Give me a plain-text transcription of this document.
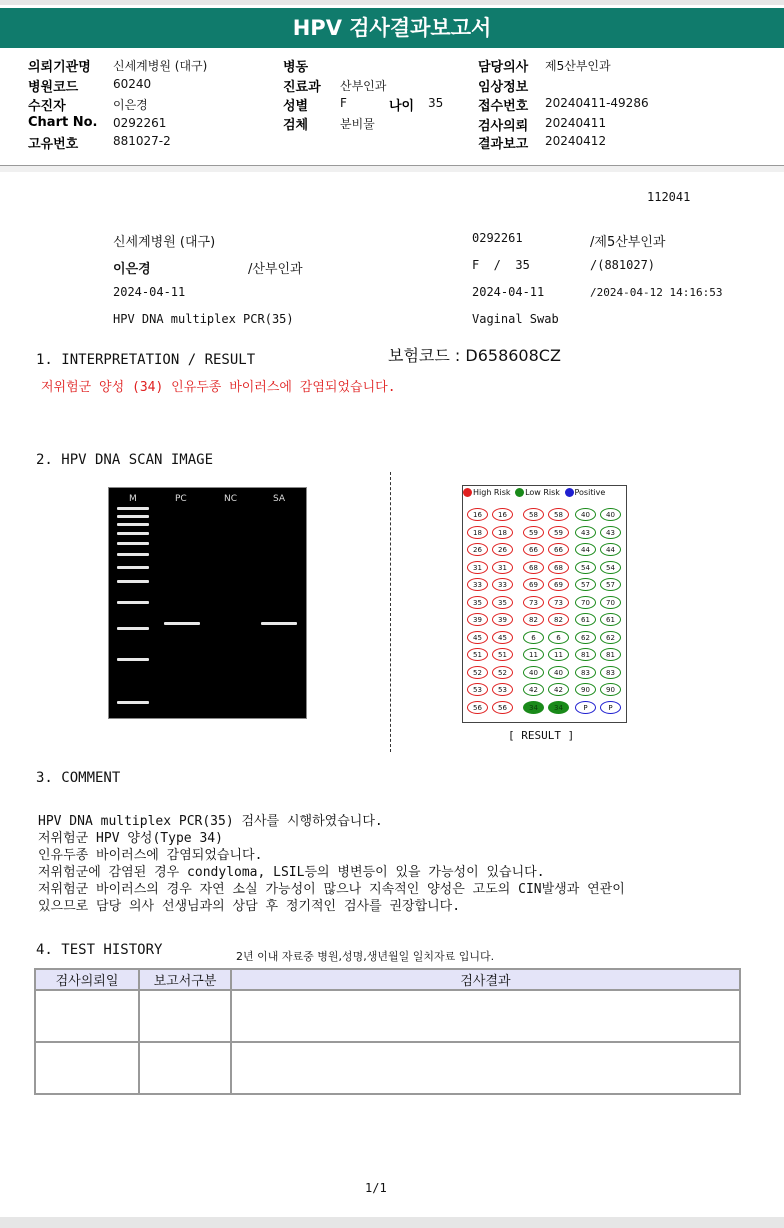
HPV 검사결과보고서
의뢰기관명 신세계병원 (대구)
병원코드	60240
수진자	이은경
Chart No. 0292261
고유번호	881027-2
병동
진료과 산부인과
성별	F	나이 35
검체	분비물
담당의사 제5산부인과
임상정보
접수번호 20240411-49286
검사의뢰 20240411
결과보고 20240412
112041
신세계병원 (대구)	0292261	/제5산부인과
이은경	/산부인과	F  /  35	/(881027)
2024-04-11	2024-04-11	/2024-04-12 14:16:53
HPV DNA multiplex PCR(35)	Vaginal Swab
1. INTERPRETATION / RESULT	보험코드 : D658608CZ
저위험군 양성 (34) 인유두종 바이러스에 감염되었습니다.
2. HPV DNA SCAN IMAGE
M	PC	NC	SA
High Risk Low Risk Positive
16	16
18	18
26	26
31	31
33	33
35	35
39	39
45	45
51	51
52	52
53	53
56	56
58	58
59	59
66	66
68	68
69	69
73	73
82	82
6	6
11	11
40	40
42	42
34	34
40	40
43	43
44	44
54	54
57	57
70	70
61	61
62	62
81	81
83	83
90	90
P	P
[ RESULT ]
3. COMMENT
HPV DNA multiplex PCR(35) 검사를 시행하였습니다.
저위험군 HPV 양성(Type 34)
인유두종 바이러스에 감염되었습니다.
저위험군에 감염된 경우 condyloma, LSIL등의 병변등이 있을 가능성이 있습니다.
저위험군 바이러스의 경우 자연 소실 가능성이 많으나 지속적인 양성은 고도의 CIN발생과 연관이
있으므로 담당 의사 선생님과의 상담 후 정기적인 검사를 권장합니다.
4. TEST HISTORY	2년 이내 자료중 병원,성명,생년월일 일치자료 입니다.
검사의뢰일	보고서구분	검사결과

1/1
